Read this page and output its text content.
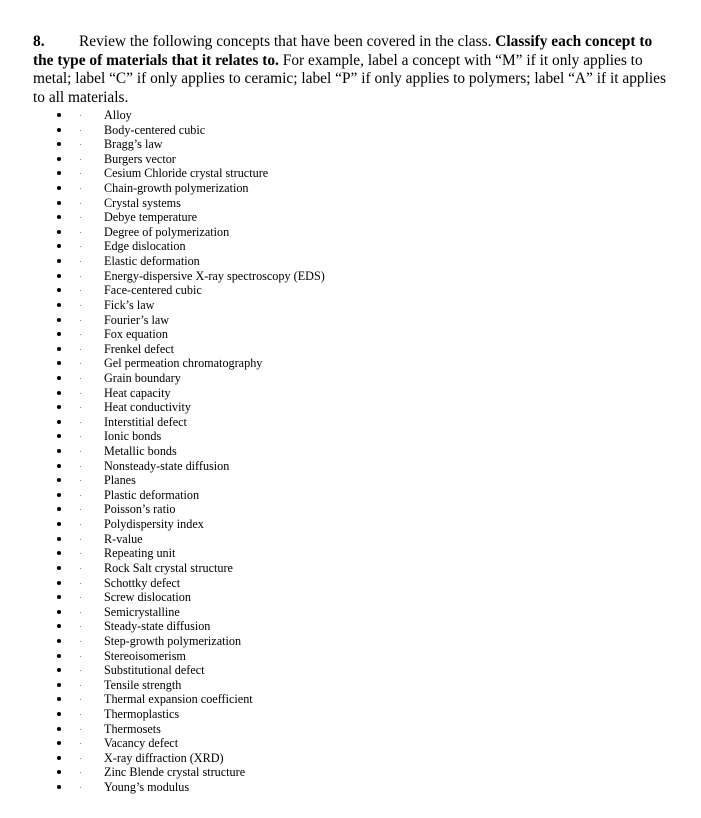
8. Review the following concepts that have been covered in the class. Classify each concept to the type of materials that it relates to. For example, label a concept with “M” if it only applies to metal; label “C” if only applies to ceramic; label “P” if only applies to polymers; label “A” if it applies to all materials.
Alloy
Body-centered cubic
Bragg’s law
Burgers vector
Cesium Chloride crystal structure
Chain-growth polymerization
Crystal systems
Debye temperature
Degree of polymerization
Edge dislocation
Elastic deformation
Energy-dispersive X-ray spectroscopy (EDS)
Face-centered cubic
Fick’s law
Fourier’s law
Fox equation
Frenkel defect
Gel permeation chromatography
Grain boundary
Heat capacity
Heat conductivity
Interstitial defect
Ionic bonds
Metallic bonds
Nonsteady-state diffusion
Planes
Plastic deformation
Poisson’s ratio
Polydispersity index
R-value
Repeating unit
Rock Salt crystal structure
Schottky defect
Screw dislocation
Semicrystalline
Steady-state diffusion
Step-growth polymerization
Stereoisomerism
Substitutional defect
Tensile strength
Thermal expansion coefficient
Thermoplastics
Thermosets
Vacancy defect
X-ray diffraction (XRD)
Zinc Blende crystal structure
Young’s modulus
